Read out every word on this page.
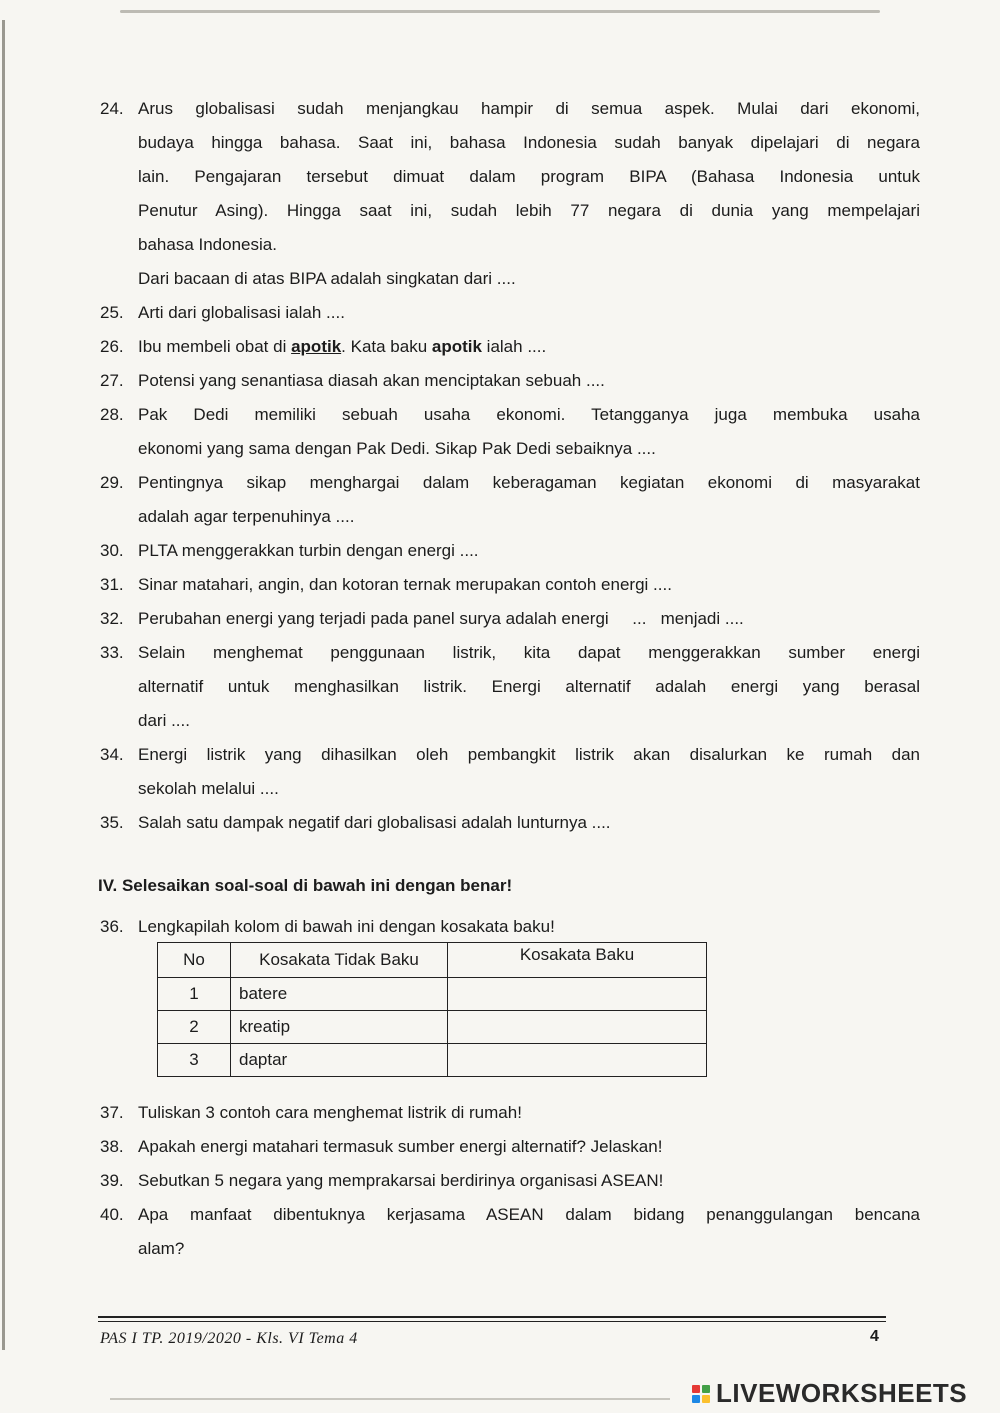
24. Arus globalisasi sudah menjangkau hampir di semua aspek. Mulai dari ekonomi,
budaya hingga bahasa. Saat ini, bahasa Indonesia sudah banyak dipelajari di negara
lain. Pengajaran tersebut dimuat dalam program BIPA (Bahasa Indonesia untuk
Penutur Asing). Hingga saat ini, sudah lebih 77 negara di dunia yang mempelajari
bahasa Indonesia.
Dari bacaan di atas BIPA adalah singkatan dari ....
25. Arti dari globalisasi ialah ....
26. Ibu membeli obat di apotik. Kata baku apotik ialah ....
27. Potensi yang senantiasa diasah akan menciptakan sebuah ....
28. Pak Dedi memiliki sebuah usaha ekonomi. Tetangganya juga membuka usaha
ekonomi yang sama dengan Pak Dedi. Sikap Pak Dedi sebaiknya ....
29. Pentingnya sikap menghargai dalam keberagaman kegiatan ekonomi di masyarakat
adalah agar terpenuhinya ....
30. PLTA menggerakkan turbin dengan energi ....
31. Sinar matahari, angin, dan kotoran ternak merupakan contoh energi ....
32. Perubahan energi yang terjadi pada panel surya adalah energi     ...   menjadi ....
33. Selain menghemat penggunaan listrik, kita dapat menggerakkan sumber energi
alternatif untuk menghasilkan listrik. Energi alternatif adalah energi yang berasal
dari ....
34. Energi listrik yang dihasilkan oleh pembangkit listrik akan disalurkan ke rumah dan
sekolah melalui ....
35. Salah satu dampak negatif dari globalisasi adalah lunturnya ....
IV. Selesaikan soal-soal di bawah ini dengan benar!
36. Lengkapilah kolom di bawah ini dengan kosakata baku!
No	Kosakata Tidak Baku	Kosakata Baku
1	batere	
2	kreatip	
3	daptar	
37. Tuliskan 3 contoh cara menghemat listrik di rumah!
38. Apakah energi matahari termasuk sumber energi alternatif? Jelaskan!
39. Sebutkan 5 negara yang memprakarsai berdirinya organisasi ASEAN!
40. Apa manfaat dibentuknya kerjasama ASEAN dalam bidang penanggulangan bencana
alam?
PAS I TP. 2019/2020 - Kls. VI Tema 4	4
LIVEWORKSHEETS
